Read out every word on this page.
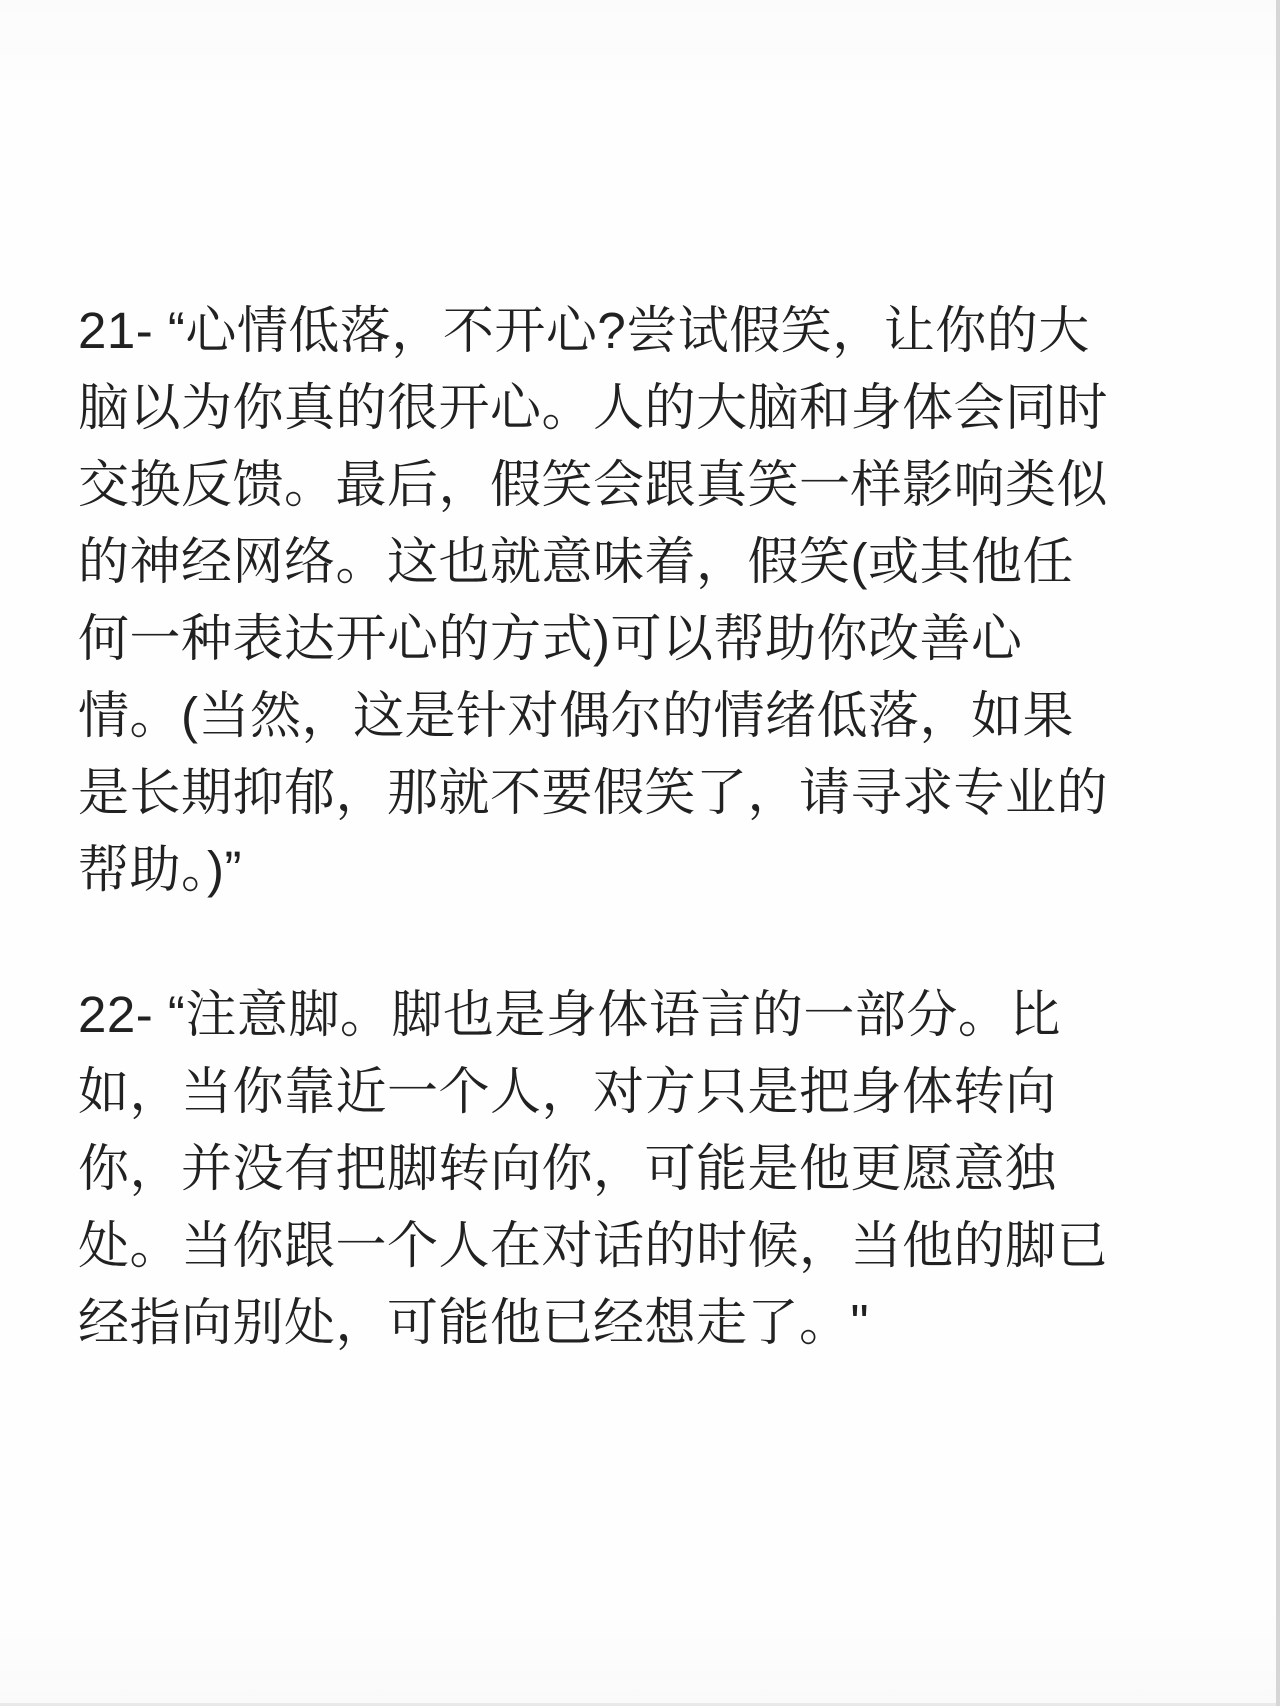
21- “心情低落，不开心?尝试假笑，让你的大
脑以为你真的很开心。人的大脑和身体会同时
交换反馈。最后，假笑会跟真笑一样影响类似
的神经网络。这也就意味着，假笑(或其他任
何一种表达开心的方式)可以帮助你改善心
情。(当然，这是针对偶尔的情绪低落，如果
是长期抑郁，那就不要假笑了，请寻求专业的
帮助。)”
22- “注意脚。脚也是身体语言的一部分。比
如，当你靠近一个人，对方只是把身体转向
你，并没有把脚转向你，可能是他更愿意独
处。当你跟一个人在对话的时候，当他的脚已
经指向别处，可能他已经想走了。"
